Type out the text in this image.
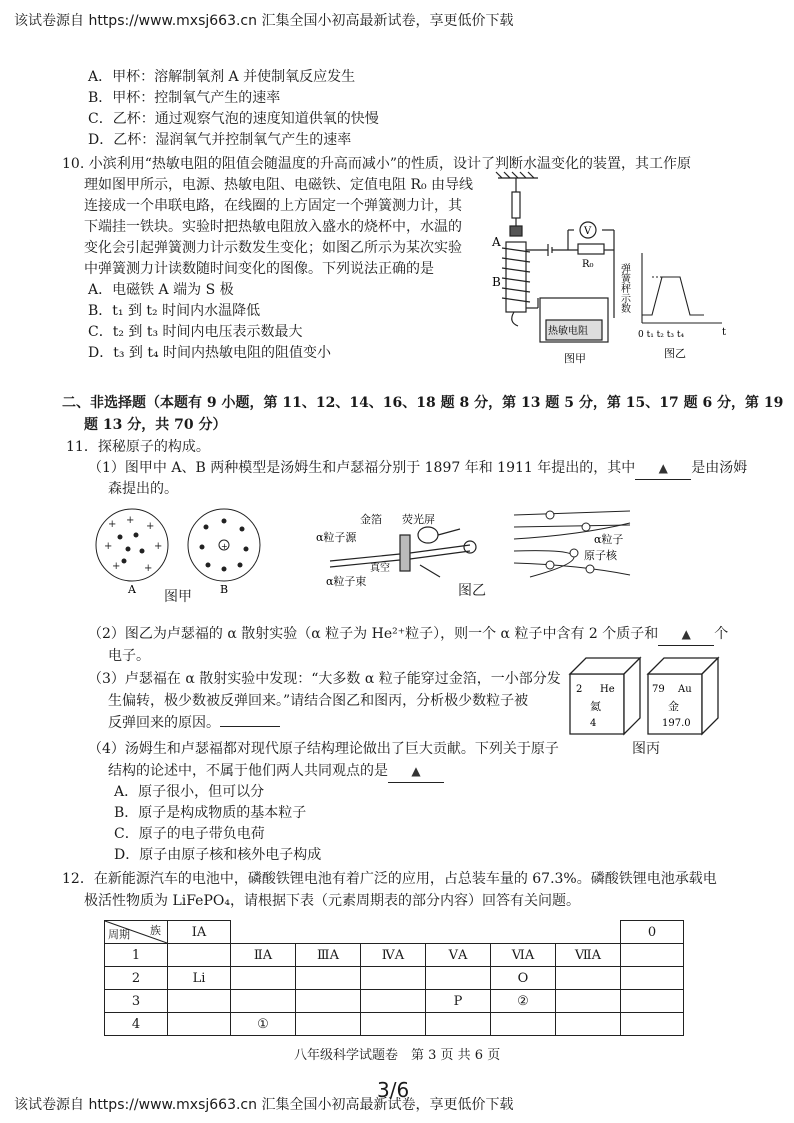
该试卷源自 https://www.mxsj663.cn 汇集全国小初高最新试卷，享更低价下载
A．甲杯：溶解制氧剂 A 并使制氧反应发生
B．甲杯：控制氧气产生的速率
C．乙杯：通过观察气泡的速度知道供氧的快慢
D．乙杯：湿润氧气并控制氧气产生的速率
10. 小滨利用“热敏电阻的阻值会随温度的升高而减小”的性质，设计了判断水温变化的装置，其工作原
理如图甲所示，电源、热敏电阻、电磁铁、定值电阻 R₀ 由导线
连接成一个串联电路，在线圈的上方固定一个弹簧测力计，其
下端挂一铁块。实验时把热敏电阻放入盛水的烧杯中，水温的
变化会引起弹簧测力计示数发生变化；如图乙所示为某次实验
中弹簧测力计读数随时间变化的图像。下列说法正确的是
A．电磁铁 A 端为 S 极
B．t₁ 到 t₂ 时间内水温降低
C．t₂ 到 t₃ 时间内电压表示数最大
D．t₃ 到 t₄ 时间内热敏电阻的阻值变小
A
B
V
R₀
热敏电阻
图甲
弹簧秤示数
t
0 t₁ t₂ t₃ t₄
图乙
二、非选择题（本题有 9 小题，第 11、12、14、16、18 题 8 分，第 13 题 5 分，第 15、17 题 6 分，第 19
题 13 分，共 70 分）
11．探秘原子的构成。
（1）图甲中 A、B 两种模型是汤姆生和卢瑟福分别于 1897 年和 1911 年提出的，其中 ▲ 是由汤姆
森提出的。
+ +
+
+	+
+ +
+
A	B
图甲
金箔 荧光屏
α粒子源
α粒子束
真空
图乙
α粒子
原子核
（2）图乙为卢瑟福的 α 散射实验（α 粒子为 He²⁺粒子），则一个 α 粒子中含有 2 个质子和 ▲ 个
电子。
（3）卢瑟福在 α 散射实验中发现：“大多数 α 粒子能穿过金箔，一小部分发
生偏转，极少数被反弹回来。”请结合图乙和图丙，分析极少数粒子被
反弹回来的原因。
2 He
氦
4
79 Au
金
197.0
图丙
（4）汤姆生和卢瑟福都对现代原子结构理论做出了巨大贡献。下列关于原子
结构的论述中，不属于他们两人共同观点的是 ▲
A．原子很小，但可以分
B．原子是构成物质的基本粒子
C．原子的电子带负电荷
D．原子由原子核和核外电子构成
12．在新能源汽车的电池中，磷酸铁锂电池有着广泛的应用，占总装车量的 67.3%。磷酸铁锂电池承载电
极活性物质为 LiFePO₄，请根据下表（元素周期表的部分内容）回答有关问题。
族
周期	ⅠA							0
1		ⅡA	ⅢA	ⅣA	ⅤA	ⅥA	ⅦA	
2	Li					O		
3					P	②		
4		①						
八年级科学试题卷　第 3 页 共 6 页
3/6
该试卷源自 https://www.mxsj663.cn 汇集全国小初高最新试卷，享更低价下载
